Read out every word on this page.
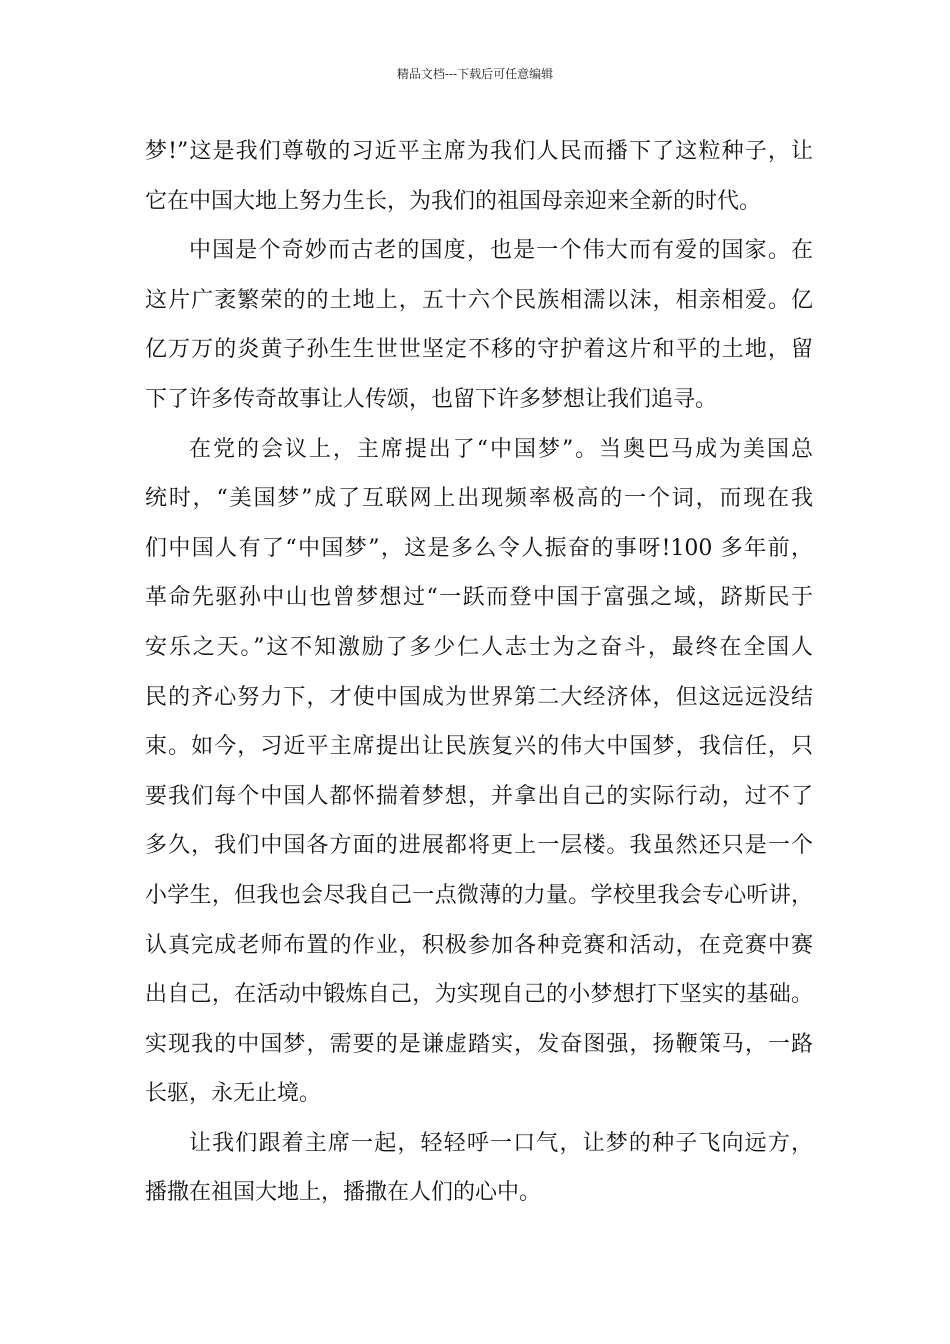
精品文档---下载后可任意编辑
梦!”这是我们尊敬的习近平主席为我们人民而播下了这粒种子，让
它在中国大地上努力生长，为我们的祖国母亲迎来全新的时代。
中国是个奇妙而古老的国度，也是一个伟大而有爱的国家。在
这片广袤繁荣的的土地上，五十六个民族相濡以沫，相亲相爱。亿
亿万万的炎黄子孙生生世世坚定不移的守护着这片和平的土地，留
下了许多传奇故事让人传颂，也留下许多梦想让我们追寻。
在党的会议上，主席提出了“中国梦”。当奥巴马成为美国总
统时，“美国梦”成了互联网上出现频率极高的一个词，而现在我
们中国人有了“中国梦”，这是多么令人振奋的事呀!100 多年前，
革命先驱孙中山也曾梦想过“一跃而登中国于富强之域，跻斯民于
安乐之天。”这不知激励了多少仁人志士为之奋斗，最终在全国人
民的齐心努力下，才使中国成为世界第二大经济体，但这远远没结
束。如今，习近平主席提出让民族复兴的伟大中国梦，我信任，只
要我们每个中国人都怀揣着梦想，并拿出自己的实际行动，过不了
多久，我们中国各方面的进展都将更上一层楼。我虽然还只是一个
小学生，但我也会尽我自己一点微薄的力量。学校里我会专心听讲，
认真完成老师布置的作业，积极参加各种竞赛和活动，在竞赛中赛
出自己，在活动中锻炼自己，为实现自己的小梦想打下坚实的基础。
实现我的中国梦，需要的是谦虚踏实，发奋图强，扬鞭策马，一路
长驱，永无止境。
让我们跟着主席一起，轻轻呼一口气，让梦的种子飞向远方，
播撒在祖国大地上，播撒在人们的心中。
